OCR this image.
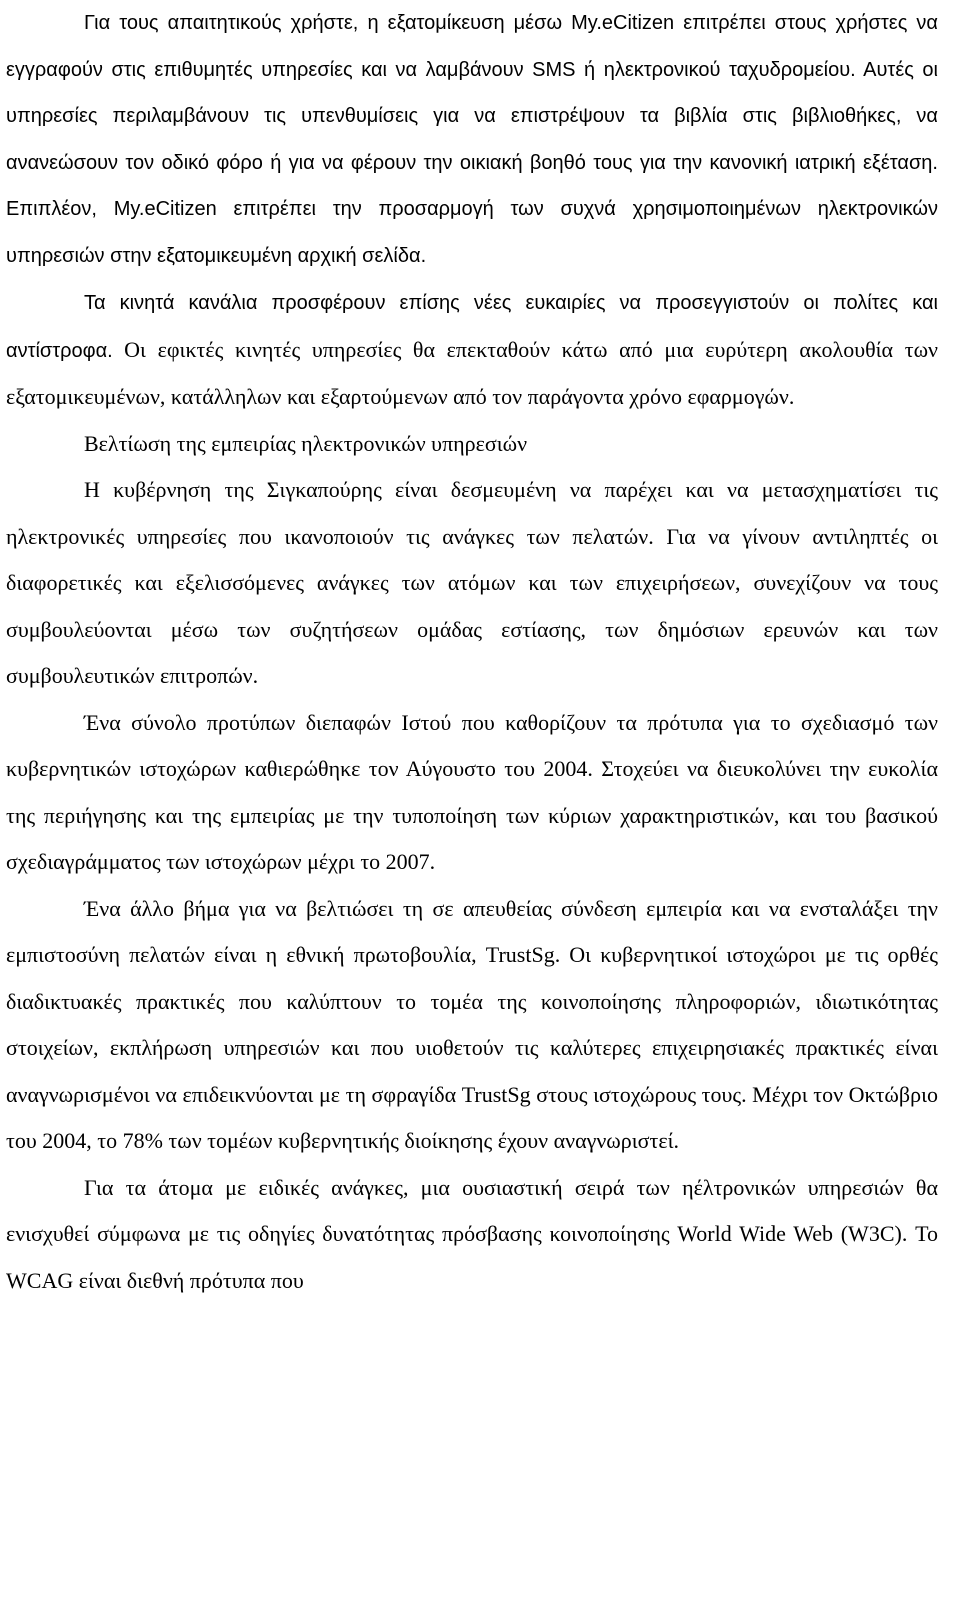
Για τους απαιτητικούς χρήστε, η εξατομίκευση μέσω My.eCitizen επιτρέπει στους χρήστες να εγγραφούν στις επιθυμητές υπηρεσίες και να λαμβάνουν SMS ή ηλεκτρονικού ταχυδρομείου. Αυτές οι υπηρεσίες περιλαμβάνουν τις υπενθυμίσεις για να επιστρέψουν τα βιβλία στις βιβλιοθήκες, να ανανεώσουν τον οδικό φόρο ή για να φέρουν την οικιακή βοηθό τους για την κανονική ιατρική εξέταση. Επιπλέον, My.eCitizen επιτρέπει την προσαρμογή των συχνά χρησιμοποιημένων ηλεκτρονικών υπηρεσιών στην εξατομικευμένη αρχική σελίδα.

Τα κινητά κανάλια προσφέρουν επίσης νέες ευκαιρίες να προσεγγιστούν οι πολίτες και αντίστροφα. Οι εφικτές κινητές υπηρεσίες θα επεκταθούν κάτω από μια ευρύτερη ακολουθία των εξατομικευμένων, κατάλληλων και εξαρτούμενων από τον παράγοντα χρόνο εφαρμογών.

Βελτίωση της εμπειρίας ηλεκτρονικών υπηρεσιών

Η κυβέρνηση της Σιγκαπούρης είναι δεσμευμένη να παρέχει και να μετασχηματίσει τις ηλεκτρονικές υπηρεσίες που ικανοποιούν τις ανάγκες των πελατών. Για να γίνουν αντιληπτές οι διαφορετικές και εξελισσόμενες ανάγκες των ατόμων και των επιχειρήσεων, συνεχίζουν να τους συμβουλεύονται μέσω των συζητήσεων ομάδας εστίασης, των δημόσιων ερευνών και των συμβουλευτικών επιτροπών.

Ένα σύνολο προτύπων διεπαφών Ιστού που καθορίζουν τα πρότυπα για το σχεδιασμό των κυβερνητικών ιστοχώρων καθιερώθηκε τον Αύγουστο του 2004. Στοχεύει να διευκολύνει την ευκολία της περιήγησης και της εμπειρίας με την τυποποίηση των κύριων χαρακτηριστικών, και του βασικού σχεδιαγράμματος των ιστοχώρων μέχρι το 2007.

Ένα άλλο βήμα για να βελτιώσει τη σε απευθείας σύνδεση εμπειρία και να ενσταλάξει την εμπιστοσύνη πελατών είναι η εθνική πρωτοβουλία, TrustSg. Οι κυβερνητικοί ιστοχώροι με τις ορθές διαδικτυακές πρακτικές που καλύπτουν το τομέα της κοινοποίησης πληροφοριών, ιδιωτικότητας στοιχείων, εκπλήρωση υπηρεσιών και που υιοθετούν τις καλύτερες επιχειρησιακές πρακτικές είναι αναγνωρισμένοι να επιδεικνύονται με τη σφραγίδα TrustSg στους ιστοχώρους τους. Μέχρι τον Οκτώβριο του 2004, το 78% των τομέων κυβερνητικής διοίκησης έχουν αναγνωριστεί.

Για τα άτομα με ειδικές ανάγκες, μια ουσιαστική σειρά των ηέλτρονικών υπηρεσιών θα ενισχυθεί σύμφωνα με τις οδηγίες δυνατότητας πρόσβασης κοινοποίησης World Wide Web (W3C). Το WCAG είναι διεθνή πρότυπα που
